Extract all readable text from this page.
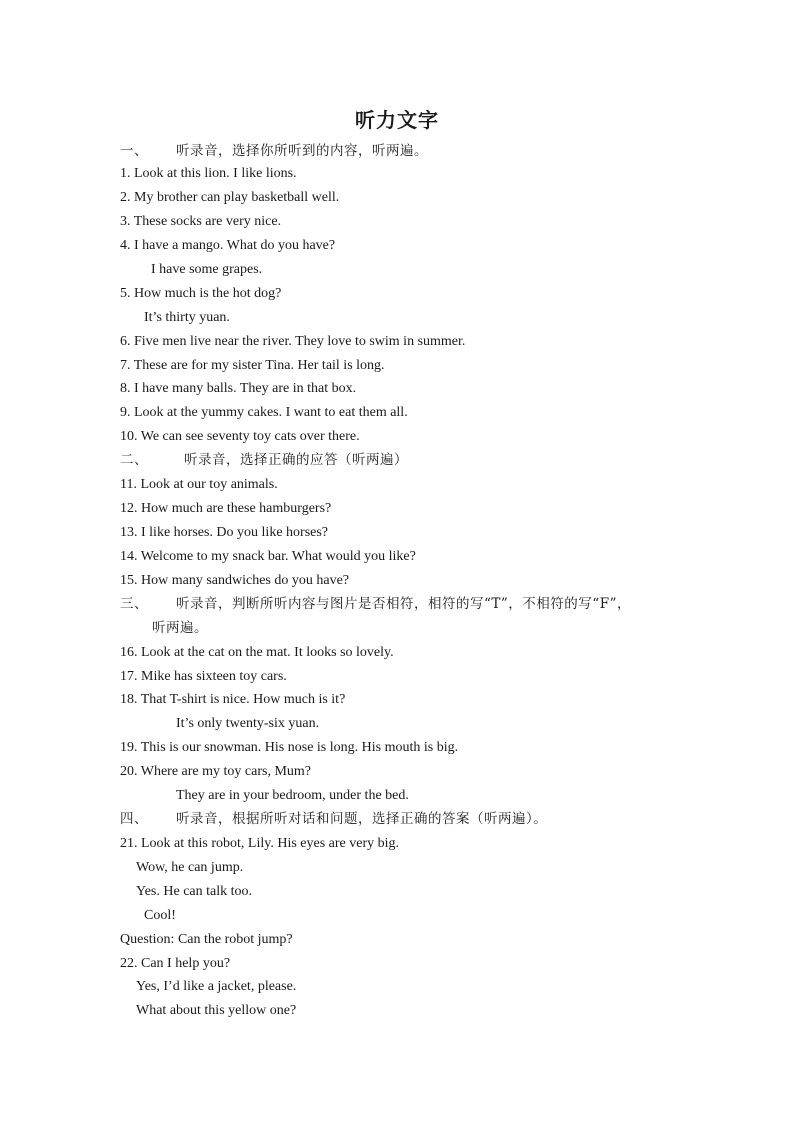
听力文字
一、 听录音，选择你所听到的内容，听两遍。
1. Look at this lion. I like lions.
2. My brother can play basketball well.
3. These socks are very nice.
4. I have a mango. What do you have?
I have some grapes.
5. How much is the hot dog?
It’s thirty yuan.
6. Five men live near the river. They love to swim in summer.
7. These are for my sister Tina. Her tail is long.
8. I have many balls. They are in that box.
9. Look at the yummy cakes. I want to eat them all.
10. We can see seventy toy cats over there.
二、	听录音，选择正确的应答（听两遍）
11. Look at our toy animals.
12. How much are these hamburgers?
13. I like horses. Do you like horses?
14. Welcome to my snack bar. What would you like?
15. How many sandwiches do you have?
三、 听录音，判断所听内容与图片是否相符，相符的写“T”，不相符的写“F”，
听两遍。
16. Look at the cat on the mat. It looks so lovely.
17. Mike has sixteen toy cars.
18. That T-shirt is nice. How much is it?
It’s only twenty-six yuan.
19. This is our snowman. His nose is long. His mouth is big.
20. Where are my toy cars, Mum?
They are in your bedroom, under the bed.
四、 听录音，根据所听对话和问题，选择正确的答案（听两遍）。
21. Look at this robot, Lily. His eyes are very big.
Wow, he can jump.
Yes. He can talk too.
Cool!
Question: Can the robot jump?
22. Can I help you?
Yes, I’d like a jacket, please.
What about this yellow one?
